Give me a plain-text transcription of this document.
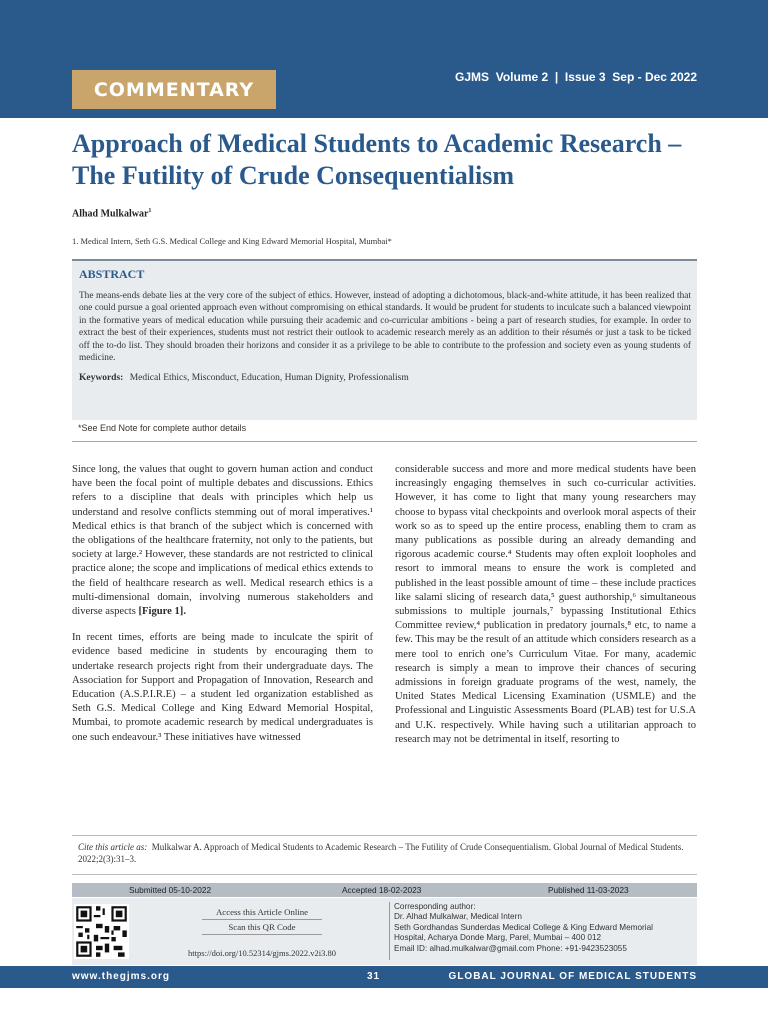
COMMENTARY
GJMS Volume 2 | Issue 3 Sep - Dec 2022
Approach of Medical Students to Academic Research – The Futility of Crude Consequentialism
Alhad Mulkalwar$^1$
1. Medical Intern, Seth G.S. Medical College and King Edward Memorial Hospital, Mumbai*
ABSTRACT
The means-ends debate lies at the very core of the subject of ethics. However, instead of adopting a dichotomous, black-and-white attitude, it has been realized that one could pursue a goal oriented approach even without compromising on ethical standards. It would be prudent for students to inculcate such a balanced viewpoint in the formative years of medical education while pursuing their academic and co-curricular ambitions - being a part of research studies, for example. In order to extract the best of their experiences, students must not restrict their outlook to academic research merely as an addition to their résumés or just a task to be ticked off the to-do list. They should broaden their horizons and consider it as a privilege to be able to contribute to the profession and society even as young students of medicine.
Keywords: Medical Ethics, Misconduct, Education, Human Dignity, Professionalism
*See End Note for complete author details

Since long, the values that ought to govern human action and conduct have been the focal point of multiple debates and discussions. Ethics refers to a discipline that deals with principles which help us understand and resolve conflicts stemming out of moral imperatives.¹ Medical ethics is that branch of the subject which is concerned with the obligations of the healthcare fraternity, not only to the patients, but society at large.² However, these standards are not restricted to clinical practice alone; the scope and implications of medical ethics extends to the field of healthcare research as well. Medical research ethics is a multi-dimensional domain, involving numerous stakeholders and diverse aspects [Figure 1].

In recent times, efforts are being made to inculcate the spirit of evidence based medicine in students by encouraging them to undertake research projects right from their undergraduate days. The Association for Support and Propagation of Innovation, Research and Education (A.S.P.I.R.E) – a student led organization established as Seth G.S. Medical College and King Edward Memorial Hospital, Mumbai, to promote academic research by medical undergraduates is one such endeavour.³ These initiatives have witnessed

considerable success and more and more medical students have been increasingly engaging themselves in such co-curricular activities. However, it has come to light that many young researchers may choose to bypass vital checkpoints and overlook moral aspects of their work so as to speed up the entire process, enabling them to cram as many publications as possible during an already demanding and rigorous academic course.⁴ Students may often exploit loopholes and resort to immoral means to ensure the work is completed and published in the least possible amount of time – these include practices like salami slicing of research data,⁵ guest authorship,⁶ simultaneous submissions to multiple journals,⁷ bypassing Institutional Ethics Committee review,⁴ publication in predatory journals,⁸ etc, to name a few. This may be the result of an attitude which considers research as a mere tool to enrich one’s Curriculum Vitae. For many, academic research is simply a mean to improve their chances of securing admissions in foreign graduate programs of the west, namely, the United States Medical Licensing Examination (USMLE) and the Professional and Linguistic Assessments Board (PLAB) test for U.S.A and U.K. respectively. While having such a utilitarian approach to research may not be detrimental in itself, resorting to

Cite this article as: Mulkalwar A. Approach of Medical Students to Academic Research – The Futility of Crude Consequentialism. Global Journal of Medical Students. 2022;2(3):31–3.
Submitted 05-10-2022	Accepted 18-02-2023	Published 11-03-2023
Access this Article Online
Scan this QR Code
https://doi.org/10.52314/gjms.2022.v2i3.80
Corresponding author:
Dr. Alhad Mulkalwar, Medical Intern
Seth Gordhandas Sunderdas Medical College & King Edward Memorial
Hospital, Acharya Donde Marg, Parel, Mumbai – 400 012
Email ID: alhad.mulkalwar@gmail.com Phone: +91-9423523055
www.thegjms.org	31	GLOBAL JOURNAL OF MEDICAL STUDENTS
